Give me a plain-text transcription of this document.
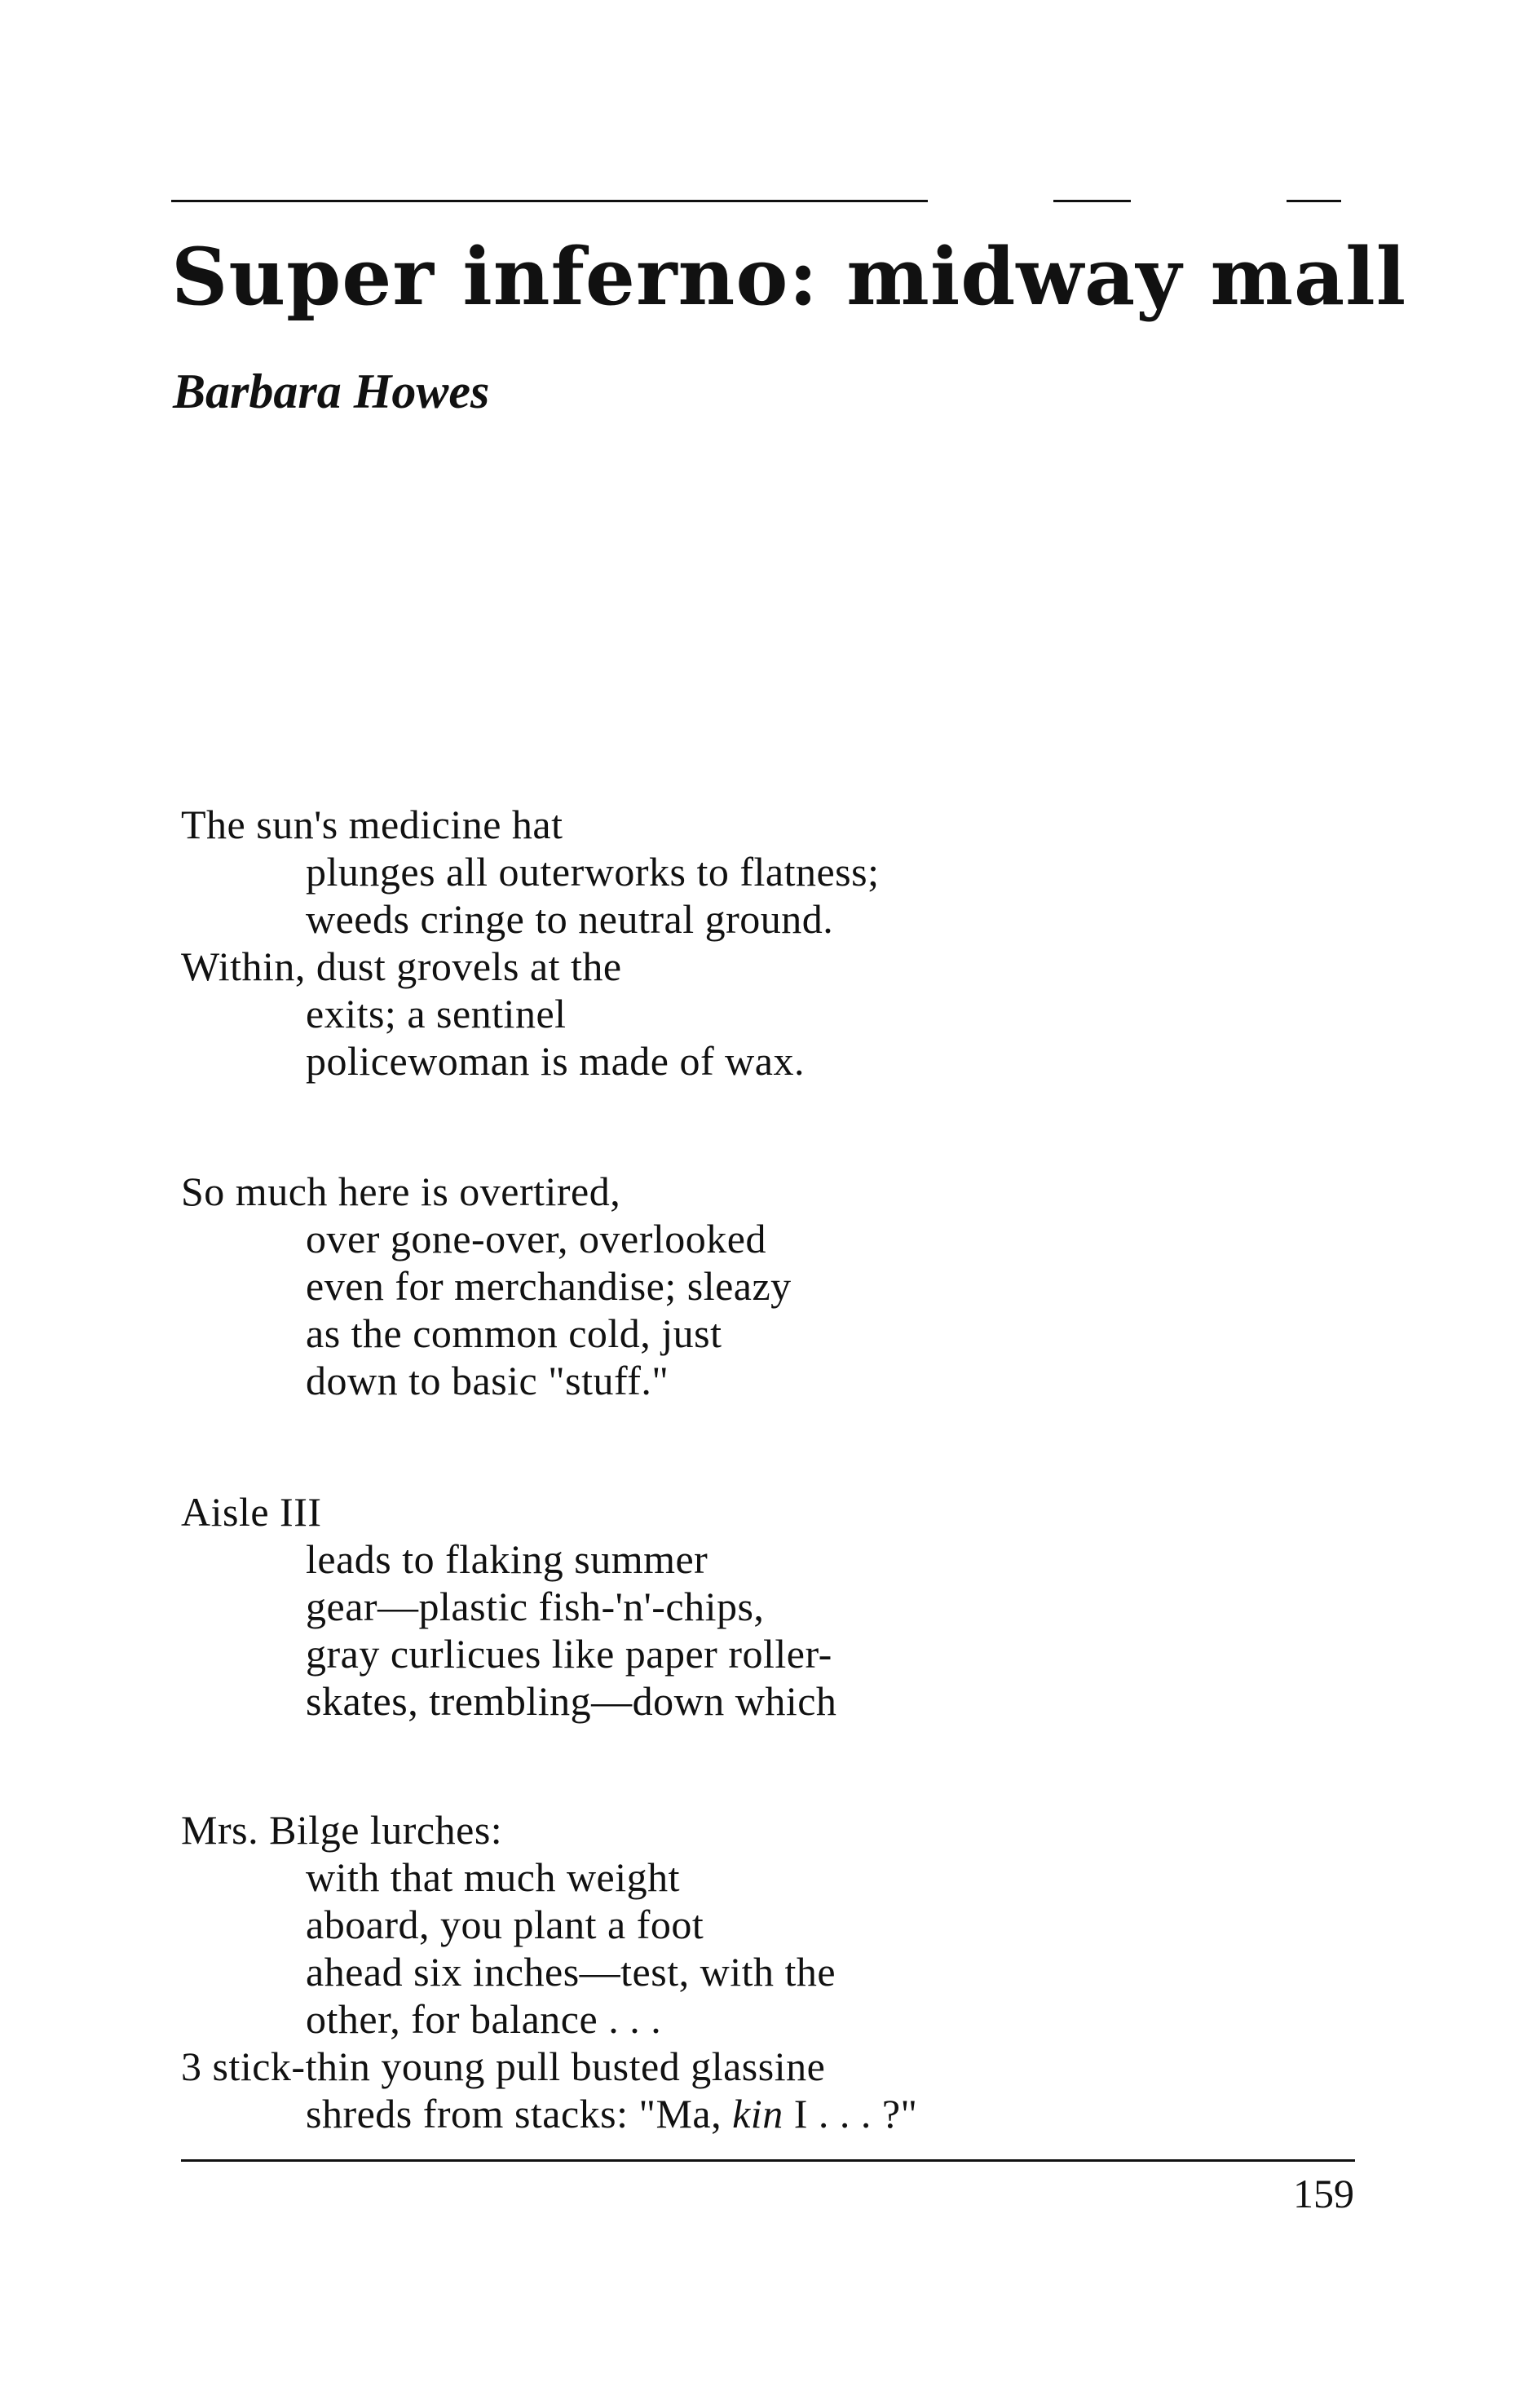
Super inferno: midway mall
Barbara Howes
The sun's medicine hat
plunges all outerworks to flatness;
weeds cringe to neutral ground.
Within, dust grovels at the
exits; a sentinel
policewoman is made of wax.
So much here is overtired,
over gone-over, overlooked
even for merchandise; sleazy
as the common cold, just
down to basic "stuff."
Aisle III
leads to flaking summer
gear—plastic fish-'n'-chips,
gray curlicues like paper roller-
skates, trembling—down which
Mrs. Bilge lurches:
with that much weight
aboard, you plant a foot
ahead six inches—test, with the
other, for balance . . .
3 stick-thin young pull busted glassine
shreds from stacks: "Ma, kin I . . . ?"
159
